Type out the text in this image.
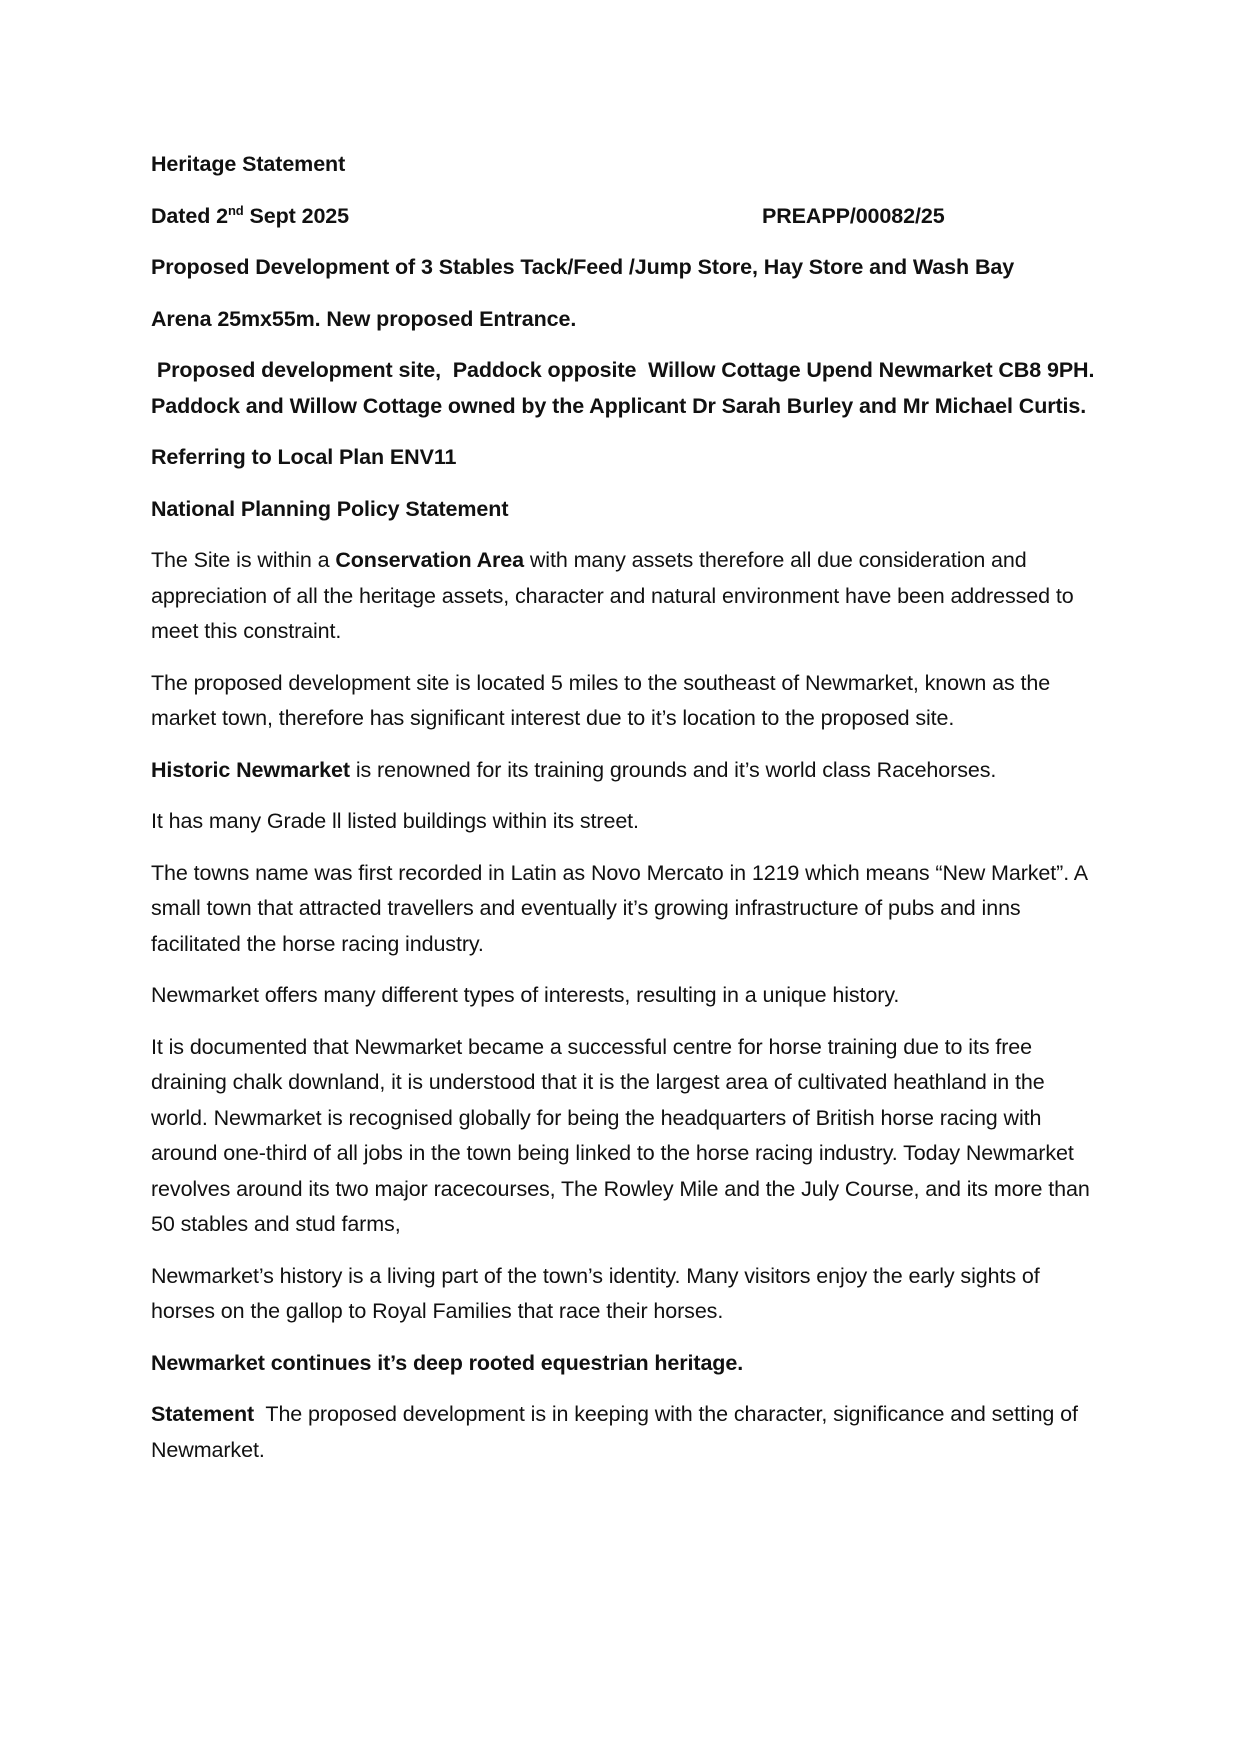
Heritage Statement

Dated 2nd Sept 2025	PREAPP/00082/25

Proposed Development of 3 Stables Tack/Feed /Jump Store, Hay Store and Wash Bay

Arena 25mx55m. New proposed Entrance.

Proposed development site,  Paddock opposite  Willow Cottage Upend Newmarket CB8 9PH. Paddock and Willow Cottage owned by the Applicant Dr Sarah Burley and Mr Michael Curtis.

Referring to Local Plan ENV11

National Planning Policy Statement

The Site is within a Conservation Area with many assets therefore all due consideration and appreciation of all the heritage assets, character and natural environment have been addressed to meet this constraint.

The proposed development site is located 5 miles to the southeast of Newmarket, known as the market town, therefore has significant interest due to it’s location to the proposed site.

Historic Newmarket is renowned for its training grounds and it’s world class Racehorses.

It has many Grade ll listed buildings within its street.

The towns name was first recorded in Latin as Novo Mercato in 1219 which means “New Market”. A small town that attracted travellers and eventually it’s growing infrastructure of pubs and inns facilitated the horse racing industry.

Newmarket offers many different types of interests, resulting in a unique history.

It is documented that Newmarket became a successful centre for horse training due to its free draining chalk downland, it is understood that it is the largest area of cultivated heathland in the world. Newmarket is recognised globally for being the headquarters of British horse racing with around one-third of all jobs in the town being linked to the horse racing industry. Today Newmarket revolves around its two major racecourses, The Rowley Mile and the July Course, and its more than 50 stables and stud farms,

Newmarket’s history is a living part of the town’s identity. Many visitors enjoy the early sights of horses on the gallop to Royal Families that race their horses.

Newmarket continues it’s deep rooted equestrian heritage.

Statement  The proposed development is in keeping with the character, significance and setting of Newmarket.
